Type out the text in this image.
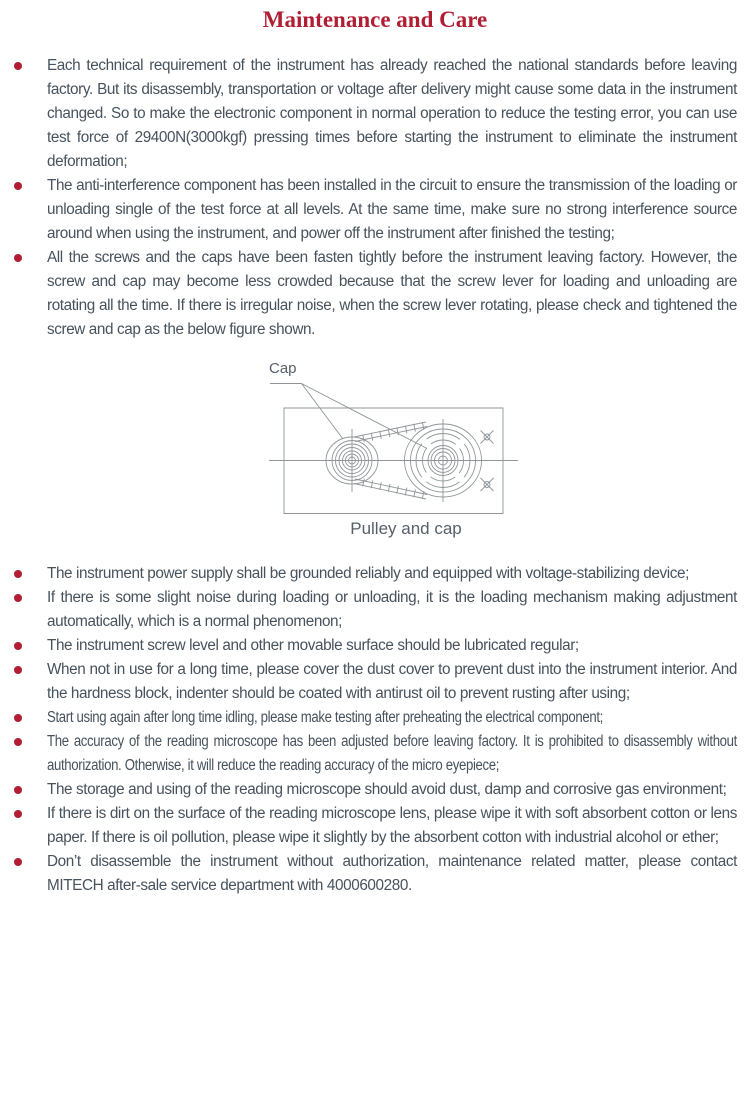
Maintenance and Care
Each technical requirement of the instrument has already reached the national standards before leaving factory. But its disassembly, transportation or voltage after delivery might cause some data in the instrument changed. So to make the electronic component in normal operation to reduce the testing error, you can use test force of 29400N(3000kgf) pressing times before starting the instrument to eliminate the instrument deformation;
The anti-interference component has been installed in the circuit to ensure the transmission of the loading or unloading single of the test force at all levels. At the same time, make sure no strong interference source around when using the instrument, and power off the instrument after finished the testing;
All the screws and the caps have been fasten tightly before the instrument leaving factory. However, the screw and cap may become less crowded because that the screw lever for loading and unloading are rotating all the time. If there is irregular noise, when the screw lever rotating, please check and tightened the screw and cap as the below figure shown.
Cap
Pulley and cap
The instrument power supply shall be grounded reliably and equipped with voltage-stabilizing device;
If there is some slight noise during loading or unloading, it is the loading mechanism making adjustment automatically, which is a normal phenomenon;
The instrument screw level and other movable surface should be lubricated regular;
When not in use for a long time, please cover the dust cover to prevent dust into the instrument interior. And the hardness block, indenter should be coated with antirust oil to prevent rusting after using;
Start using again after long time idling, please make testing after preheating the electrical component;
The accuracy of the reading microscope has been adjusted before leaving factory. It is prohibited to disassembly without authorization. Otherwise, it will reduce the reading accuracy of the micro eyepiece;
The storage and using of the reading microscope should avoid dust, damp and corrosive gas environment;
If there is dirt on the surface of the reading microscope lens, please wipe it with soft absorbent cotton or lens paper. If there is oil pollution, please wipe it slightly by the absorbent cotton with industrial alcohol or ether;
Don’t disassemble the instrument without authorization, maintenance related matter, please contact MITECH after-sale service department with 4000600280.
